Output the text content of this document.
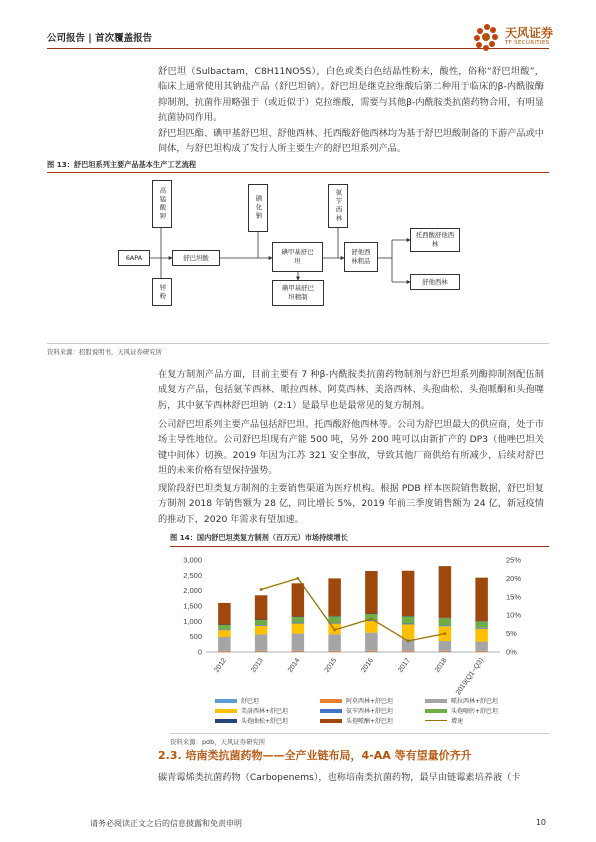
公司报告 | 首次覆盖报告	天风证券
TF SECURITIES
舒巴坦（Sulbactam，C8H11NO5S），白色或类白色结晶性粉末，酸性，俗称“舒巴坦酸”，临床上通常使用其钠盐产品（舒巴坦钠）。舒巴坦是继克拉维酸后第二种用于临床的β-内酰胺酶抑制剂，抗菌作用略强于（或近似于）克拉维酸，需要与其他β-内酰胺类抗菌药物合用，有明显抗菌协同作用。
舒巴坦匹酯、碘甲基舒巴坦、舒他西林、托西酸舒他西林均为基于舒巴坦酸制备的下游产品或中间体，与舒巴坦构成了发行人所主要生产的舒巴坦系列产品。
图 13：舒巴坦系列主要产品基本生产工艺流程
高锰酸钾
锌粉
6APA	舒巴坦酸
碘化钠
碘甲基舒巴坦
碘甲基舒巴坦精制
氨苄西林
舒他西林粗品
托西酸舒他西林
舒他西林
资料来源：招股说明书，天风证券研究所
在复方制剂产品方面，目前主要有 7 种β-内酰胺类抗菌药物制剂与舒巴坦系列酶抑制剂配伍制成复方产品，包括氨苄西林、哌拉西林、阿莫西林、美洛西林、头孢曲松、头孢哌酮和头孢噻肟，其中氨苄西林舒巴坦钠（2:1）是最早也是最常见的复方制剂。
公司舒巴坦系列主要产品包括舒巴坦、托西酸舒他西林等。公司为舒巴坦最大的供应商，处于市场主导性地位。公司舒巴坦现有产能 500 吨，另外 200 吨可以由新扩产的 DP3（他唑巴坦关键中间体）切换。2019 年因为江苏 321 安全事故，导致其他厂商供给有所减少，后续对舒巴坦的未来价格有望保持强势。
现阶段舒巴坦类复方制剂的主要销售渠道为医疗机构。根据 PDB 样本医院销售数据，舒巴坦复方制剂 2018 年销售额为 28 亿，同比增长 5%，2019 年前三季度销售额为 24 亿，新冠疫情的推动下，2020 年需求有望加速。
图 14：国内舒巴坦类复方制剂（百万元）市场持续增长
0
500
1,000
1,500
2,000
2,500
3,000
0%
5%
10%
15%
20%
25%
2012	2013	2014	2015	2016	2017	2018 2019(Q1~Q3)
舒巴坦	阿莫西林+舒巴坦	哌拉西林+舒巴坦
美洛西林+舒巴坦	氨苄西林+舒巴坦	头孢噻肟+舒巴坦
头孢曲松+舒巴坦	头孢哌酮+舒巴坦	增速
资料来源：pdb，天风证券研究所
2.3. 培南类抗菌药物——全产业链布局，4-AA 等有望量价齐升
碳青霉烯类抗菌药物（Carbopenems），也称培南类抗菌药物，最早由链霉素培养液（卡
请务必阅读正文之后的信息披露和免责申明	10
